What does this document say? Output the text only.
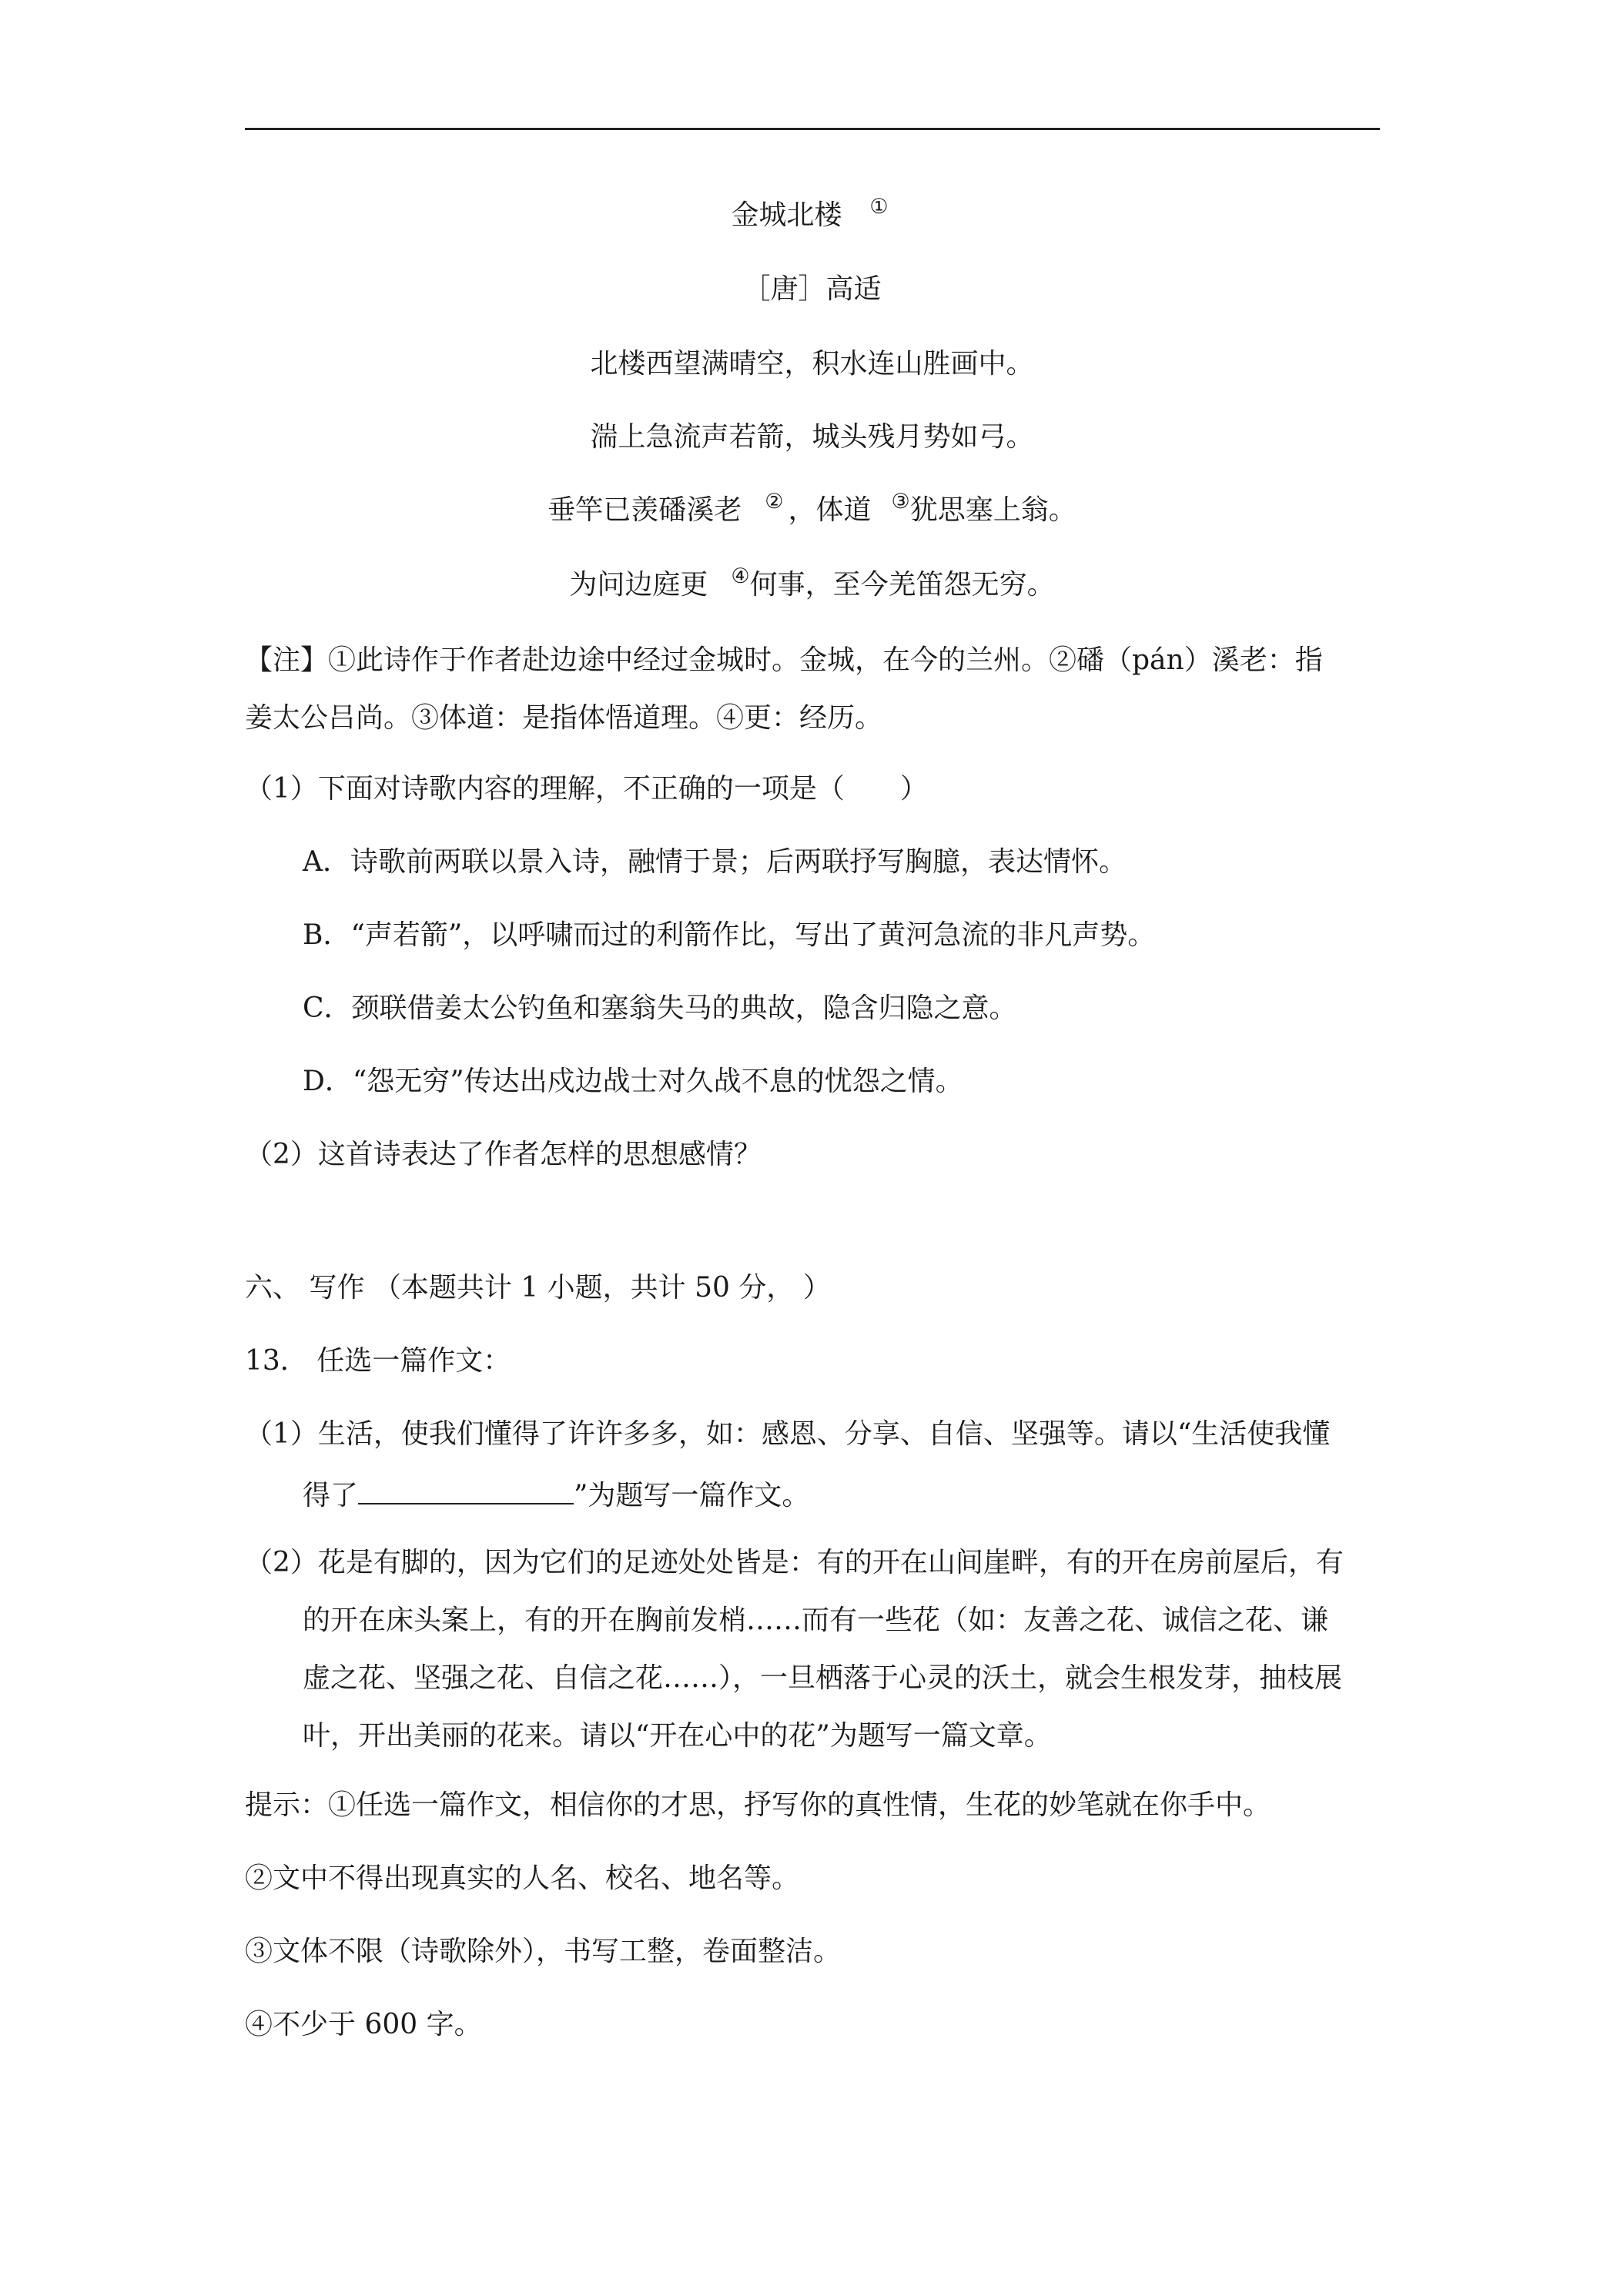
金城北楼 ①
［唐］高适
北楼西望满晴空，积水连山胜画中。
湍上急流声若箭，城头残月势如弓。
垂竿已羡磻溪老 ② ，体道 ③犹思塞上翁。
为问边庭更 ④何事，至今羌笛怨无穷。
【注】①此诗作于作者赴边途中经过金城时。金城，在今的兰州。②磻（pán）溪老：指
姜太公吕尚。③体道：是指体悟道理。④更：经历。
（1）下面对诗歌内容的理解，不正确的一项是（　　）
A．诗歌前两联以景入诗，融情于景；后两联抒写胸臆，表达情怀。
B．“声若箭”，以呼啸而过的利箭作比，写出了黄河急流的非凡声势。
C．颈联借姜太公钓鱼和塞翁失马的典故，隐含归隐之意。
D．“怨无穷”传达出戍边战士对久战不息的忧怨之情。
（2）这首诗表达了作者怎样的思想感情？
六、 写作 （本题共计 1 小题，共计 50 分， ）
13． 任选一篇作文：
（1）生活，使我们懂得了许许多多，如：感恩、分享、自信、坚强等。请以“生活使我懂
得了	”为题写一篇作文。
（2）花是有脚的，因为它们的足迹处处皆是：有的开在山间崖畔，有的开在房前屋后，有
的开在床头案上，有的开在胸前发梢……而有一些花（如：友善之花、诚信之花、谦
虚之花、坚强之花、自信之花……），一旦栖落于心灵的沃土，就会生根发芽，抽枝展
叶，开出美丽的花来。请以“开在心中的花”为题写一篇文章。
提示：①任选一篇作文，相信你的才思，抒写你的真性情，生花的妙笔就在你手中。
②文中不得出现真实的人名、校名、地名等。
③文体不限（诗歌除外），书写工整，卷面整洁。
④不少于 600 字。
